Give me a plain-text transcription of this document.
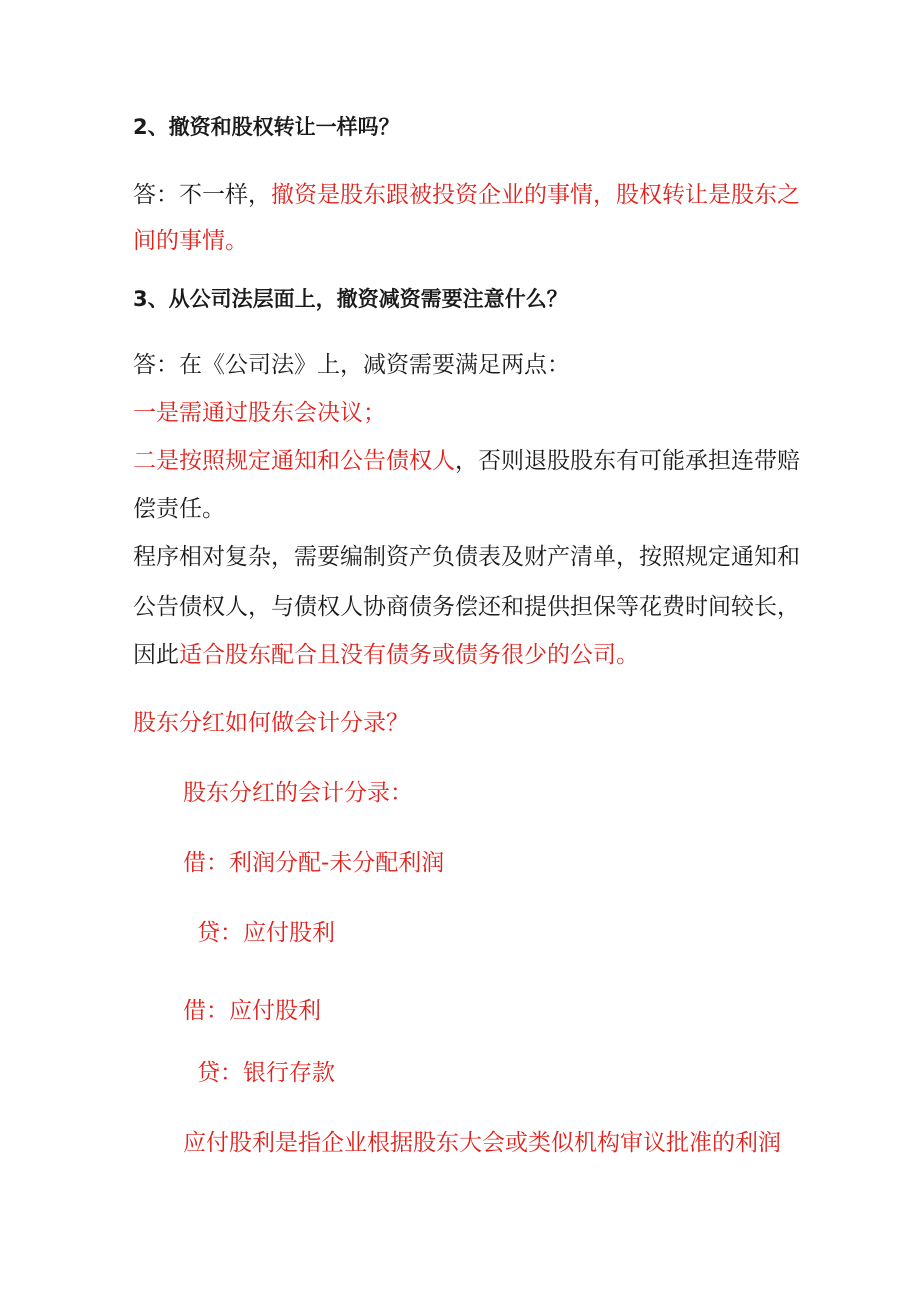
2、撤资和股权转让一样吗？
答：不一样，撤资是股东跟被投资企业的事情，股权转让是股东之
间的事情。
3、从公司法层面上，撤资减资需要注意什么？
答：在《公司法》上，减资需要满足两点：
一是需通过股东会决议；
二是按照规定通知和公告债权人，否则退股股东有可能承担连带赔
偿责任。
程序相对复杂，需要编制资产负债表及财产清单，按照规定通知和
公告债权人，与债权人协商债务偿还和提供担保等花费时间较长，
因此适合股东配合且没有债务或债务很少的公司。
股东分红如何做会计分录？
股东分红的会计分录：
借：利润分配-未分配利润
贷：应付股利
借：应付股利
贷：银行存款
应付股利是指企业根据股东大会或类似机构审议批准的利润
